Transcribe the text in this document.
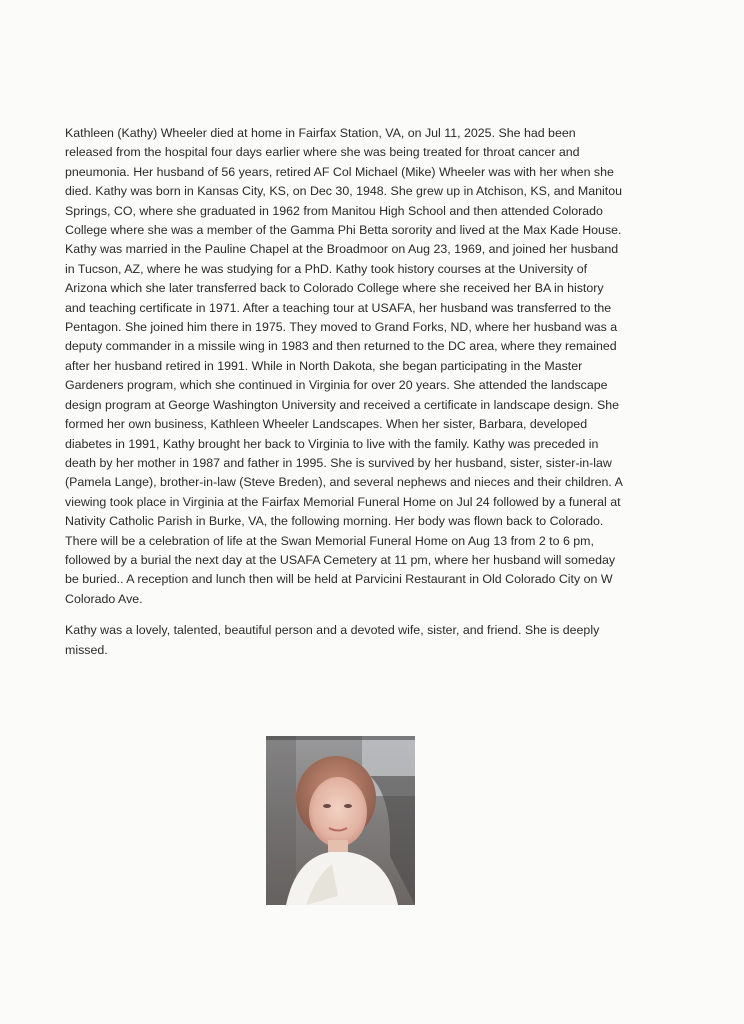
Kathleen (Kathy) Wheeler died at home in Fairfax Station, VA, on Jul 11, 2025. She had been released from the hospital four days earlier where she was being treated for throat cancer and pneumonia. Her husband of 56 years, retired AF Col Michael (Mike) Wheeler was with her when she died. Kathy was born in Kansas City, KS, on Dec 30, 1948. She grew up in Atchison, KS, and Manitou Springs, CO, where she graduated in 1962 from Manitou High School and then attended Colorado College where she was a member of the Gamma Phi Betta sorority and lived at the Max Kade House. Kathy was married in the Pauline Chapel at the Broadmoor on Aug 23, 1969, and joined her husband in Tucson, AZ, where he was studying for a PhD. Kathy took history courses at the University of Arizona which she later transferred back to Colorado College where she received her BA in history and teaching certificate in 1971. After a teaching tour at USAFA, her husband was transferred to the Pentagon. She joined him there in 1975. They moved to Grand Forks, ND, where her husband was a deputy commander in a missile wing in 1983 and then returned to the DC area, where they remained after her husband retired in 1991. While in North Dakota, she began participating in the Master Gardeners program, which she continued in Virginia for over 20 years. She attended the landscape design program at George Washington University and received a certificate in landscape design. She formed her own business, Kathleen Wheeler Landscapes. When her sister, Barbara, developed diabetes in 1991, Kathy brought her back to Virginia to live with the family. Kathy was preceded in death by her mother in 1987 and father in 1995. She is survived by her husband, sister, sister-in-law (Pamela Lange), brother-in-law (Steve Breden), and several nephews and nieces and their children. A viewing took place in Virginia at the Fairfax Memorial Funeral Home on Jul 24 followed by a funeral at Nativity Catholic Parish in Burke, VA, the following morning. Her body was flown back to Colorado. There will be a celebration of life at the Swan Memorial Funeral Home on Aug 13 from 2 to 6 pm, followed by a burial the next day at the USAFA Cemetery at 11 pm, where her husband will someday be buried.. A reception and lunch then will be held at Parvicini Restaurant in Old Colorado City on W Colorado Ave.

Kathy was a lovely, talented, beautiful person and a devoted wife, sister, and friend. She is deeply missed.
